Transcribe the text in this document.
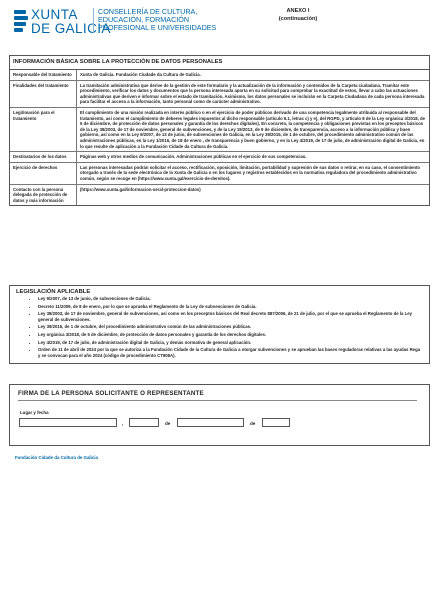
XUNTA
DE GALICIA
CONSELLERÍA DE CULTURA,
EDUCACIÓN, FORMACIÓN
PROFESIONAL E UNIVERSIDADES
ANEXO I
(continuación)
INFORMACIÓN BÁSICA SOBRE LA PROTECCIÓN DE DATOS PERSONALES
Responsable del tratamiento	Xunta de Galicia. Fundación Ciudade da Cultura de Galicia.
Finalidades del tratamiento	La tramitación administrativa que derive de la gestión de este formulario y la actualización de la información y contenidos de la Carpeta ciudadana. Tramitar este procedimiento, verificar los datos y documentos que la persona interesada aporta en su solicitud para comprobar la exactitud de estos, llevar a cabo las actuaciones administrativas que deriven e informar sobre el estado de tramitación. Asimismo, los datos personales se incluirán en la Carpeta Ciudadana de cada persona interesada para facilitar el acceso a la información, tanto personal como de carácter administrativo.
Legitimación para el tratamiento	El cumplimiento de una misión realizada en interés público o en el ejercicio de poder públicos derivado de una competencia legalmente atribuida al responsable del tratamiento, así como el cumplimiento de deberes legales impuestos al dicho responsable (artículo 6.1, letras c) y e), del RGPD, y artículo 8 de la Ley orgánica 3/2018, de 5 de diciembre, de protección de datos personales y garantía de los derechos digitales). En concreto, la competencia y obligaciones previstas en los preceptos básicos de la Ley 38/2003, de 17 de noviembre, general de subvenciones, y de la Ley 19/2013, de 9 de diciembre, de transparencia, acceso a la información pública y buen gobierno, así como en la Ley 9/2007, de 13 de junio, de subvenciones de Galicia, en la Ley 39/2015, de 1 de octubre, del procedimiento administrativo común de las administraciones públicas, en la Ley 1/2016, de 18 de enero , de transparencia y buen gobierno, y en la Ley 4/2019, de 17 de julio, de administración digital de Galicia, en lo que resulte de aplicación a la Fundación Cidade da Cultura de Galicia.
Destinatarios de los datos	Páginas web y otros medios de comunicación. Administraciones públicas en el ejercicio de sus competencias.
Ejercicio de derechos	Las personas interesadas podrán solicitar el acceso, rectificación, oposición, limitación, portabilidad y supresión de sus datos o retirar, en su caso, el consentimiento otorgado a través de la sede electrónica de la Xunta de Galicia o en los lugares y registros establecidos en la normativa reguladora del procedimiento administrativo común, según se recoge en (https://www.xunta.gal/exercicio-de-dereitos).
Contacto con la persona delegada de protección de datos y más información	(https://www.xunta.gal/informacion-xeral-proteccion-datos)
LEGISLACIÓN APLICABLE
• Ley 9/2007, de 13 de junio, de subvenciones de Galicia.
• Decreto 11/2009, de 8 de enero, por lo que se aprueba el Reglamento de la Ley de subvenciones de Galicia.
• Ley 38/2003, de 17 de noviembre, general de subvenciones, así como en los preceptos básicos del Real decreto 887/2006, de 21 de julio, por el que se aprueba el Reglamento de la Ley general de subvenciones.
• Ley 39/2015, de 1 de octubre, del procedimiento administrativo común de las administraciones públicas.
• Ley orgánica 3/2018, de 5 de diciembre, de protección de datos personales y garantía de los derechos digitales.
• Ley 4/2019, de 17 de julio, de administración digital de Galicia, y demás normativa de general aplicación.
• Orden de 11 de abril de 2024 por la que se autoriza a la Fundación Cidade de la Cultura de Galicia a otorgar subvenciones y se aprueban las bases reguladoras relativas a las ayudas Rega y se convocan para el año 2024 (código de procedimiento CT908A).
FIRMA DE LA PERSONA SOLICITANTE O REPRESENTANTE
Lugar y fecha
,	de	de
Fundación Cidade da Cultura de Galicia
